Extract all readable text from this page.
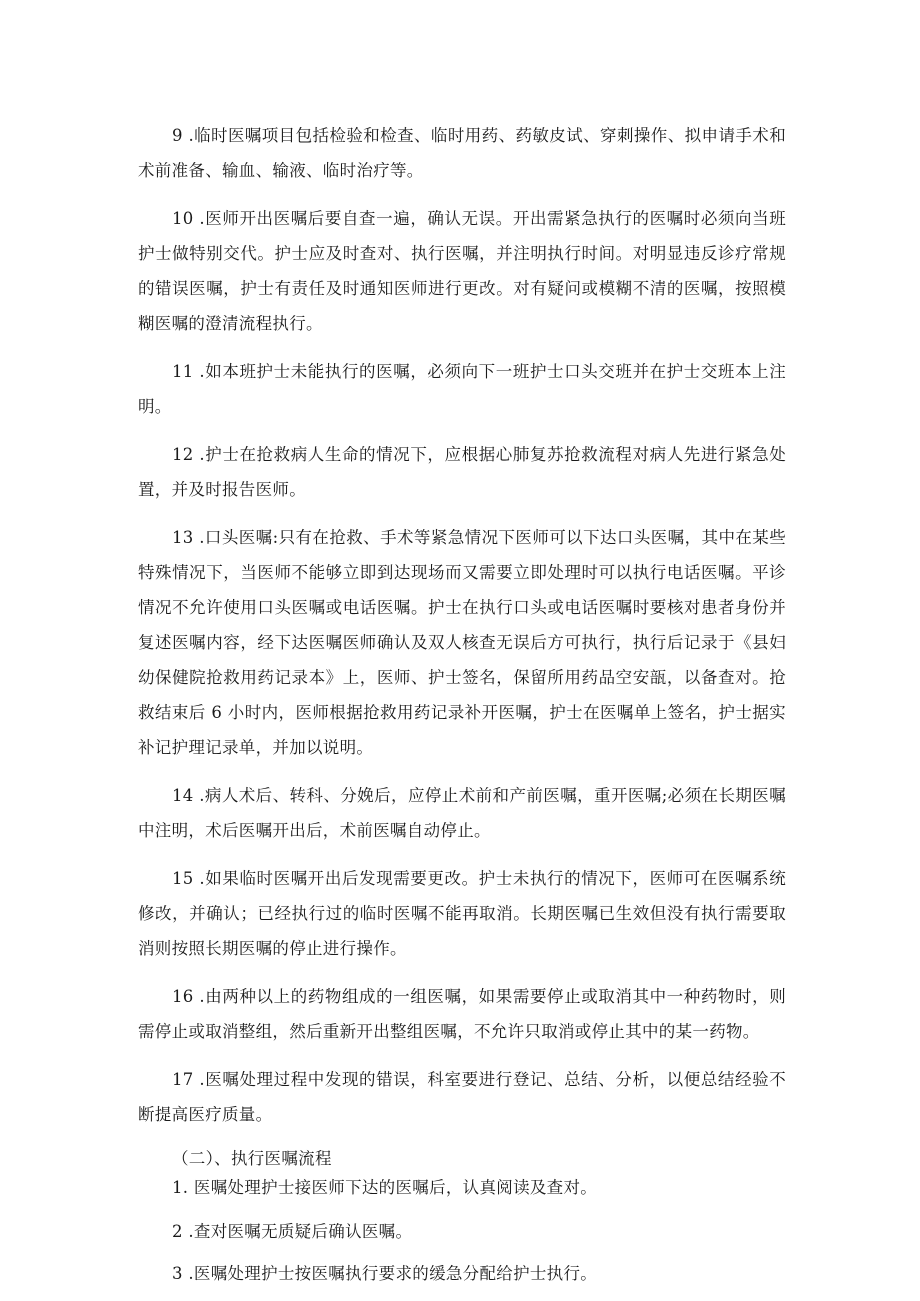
9 .临时医嘱项目包括检验和检查、临时用药、药敏皮试、穿刺操作、拟申请手术和术前准备、输血、输液、临时治疗等。

10 .医师开出医嘱后要自查一遍，确认无误。开出需紧急执行的医嘱时必须向当班护士做特别交代。护士应及时查对、执行医嘱，并注明执行时间。对明显违反诊疗常规的错误医嘱，护士有责任及时通知医师进行更改。对有疑问或模糊不清的医嘱，按照模糊医嘱的澄清流程执行。

11 .如本班护士未能执行的医嘱，必须向下一班护士口头交班并在护士交班本上注明。

12 .护士在抢救病人生命的情况下，应根据心肺复苏抢救流程对病人先进行紧急处置，并及时报告医师。

13 .口头医嘱:只有在抢救、手术等紧急情况下医师可以下达口头医嘱，其中在某些特殊情况下，当医师不能够立即到达现场而又需要立即处理时可以执行电话医嘱。平诊情况不允许使用口头医嘱或电话医嘱。护士在执行口头或电话医嘱时要核对患者身份并复述医嘱内容，经下达医嘱医师确认及双人核查无误后方可执行，执行后记录于《县妇幼保健院抢救用药记录本》上，医师、护士签名，保留所用药品空安瓿，以备查对。抢救结束后 6 小时内，医师根据抢救用药记录补开医嘱，护士在医嘱单上签名，护士据实补记护理记录单，并加以说明。

14 .病人术后、转科、分娩后，应停止术前和产前医嘱，重开医嘱;必须在长期医嘱中注明，术后医嘱开出后，术前医嘱自动停止。

15 .如果临时医嘱开出后发现需要更改。护士未执行的情况下，医师可在医嘱系统修改，并确认；已经执行过的临时医嘱不能再取消。长期医嘱已生效但没有执行需要取消则按照长期医嘱的停止进行操作。

16 .由两种以上的药物组成的一组医嘱，如果需要停止或取消其中一种药物时，则需停止或取消整组，然后重新开出整组医嘱，不允许只取消或停止其中的某一药物。

17 .医嘱处理过程中发现的错误，科室要进行登记、总结、分析，以便总结经验不断提高医疗质量。

（二）、执行医嘱流程

1. 医嘱处理护士接医师下达的医嘱后，认真阅读及查对。

2 .查对医嘱无质疑后确认医嘱。

3 .医嘱处理护士按医嘱执行要求的缓急分配给护士执行。
